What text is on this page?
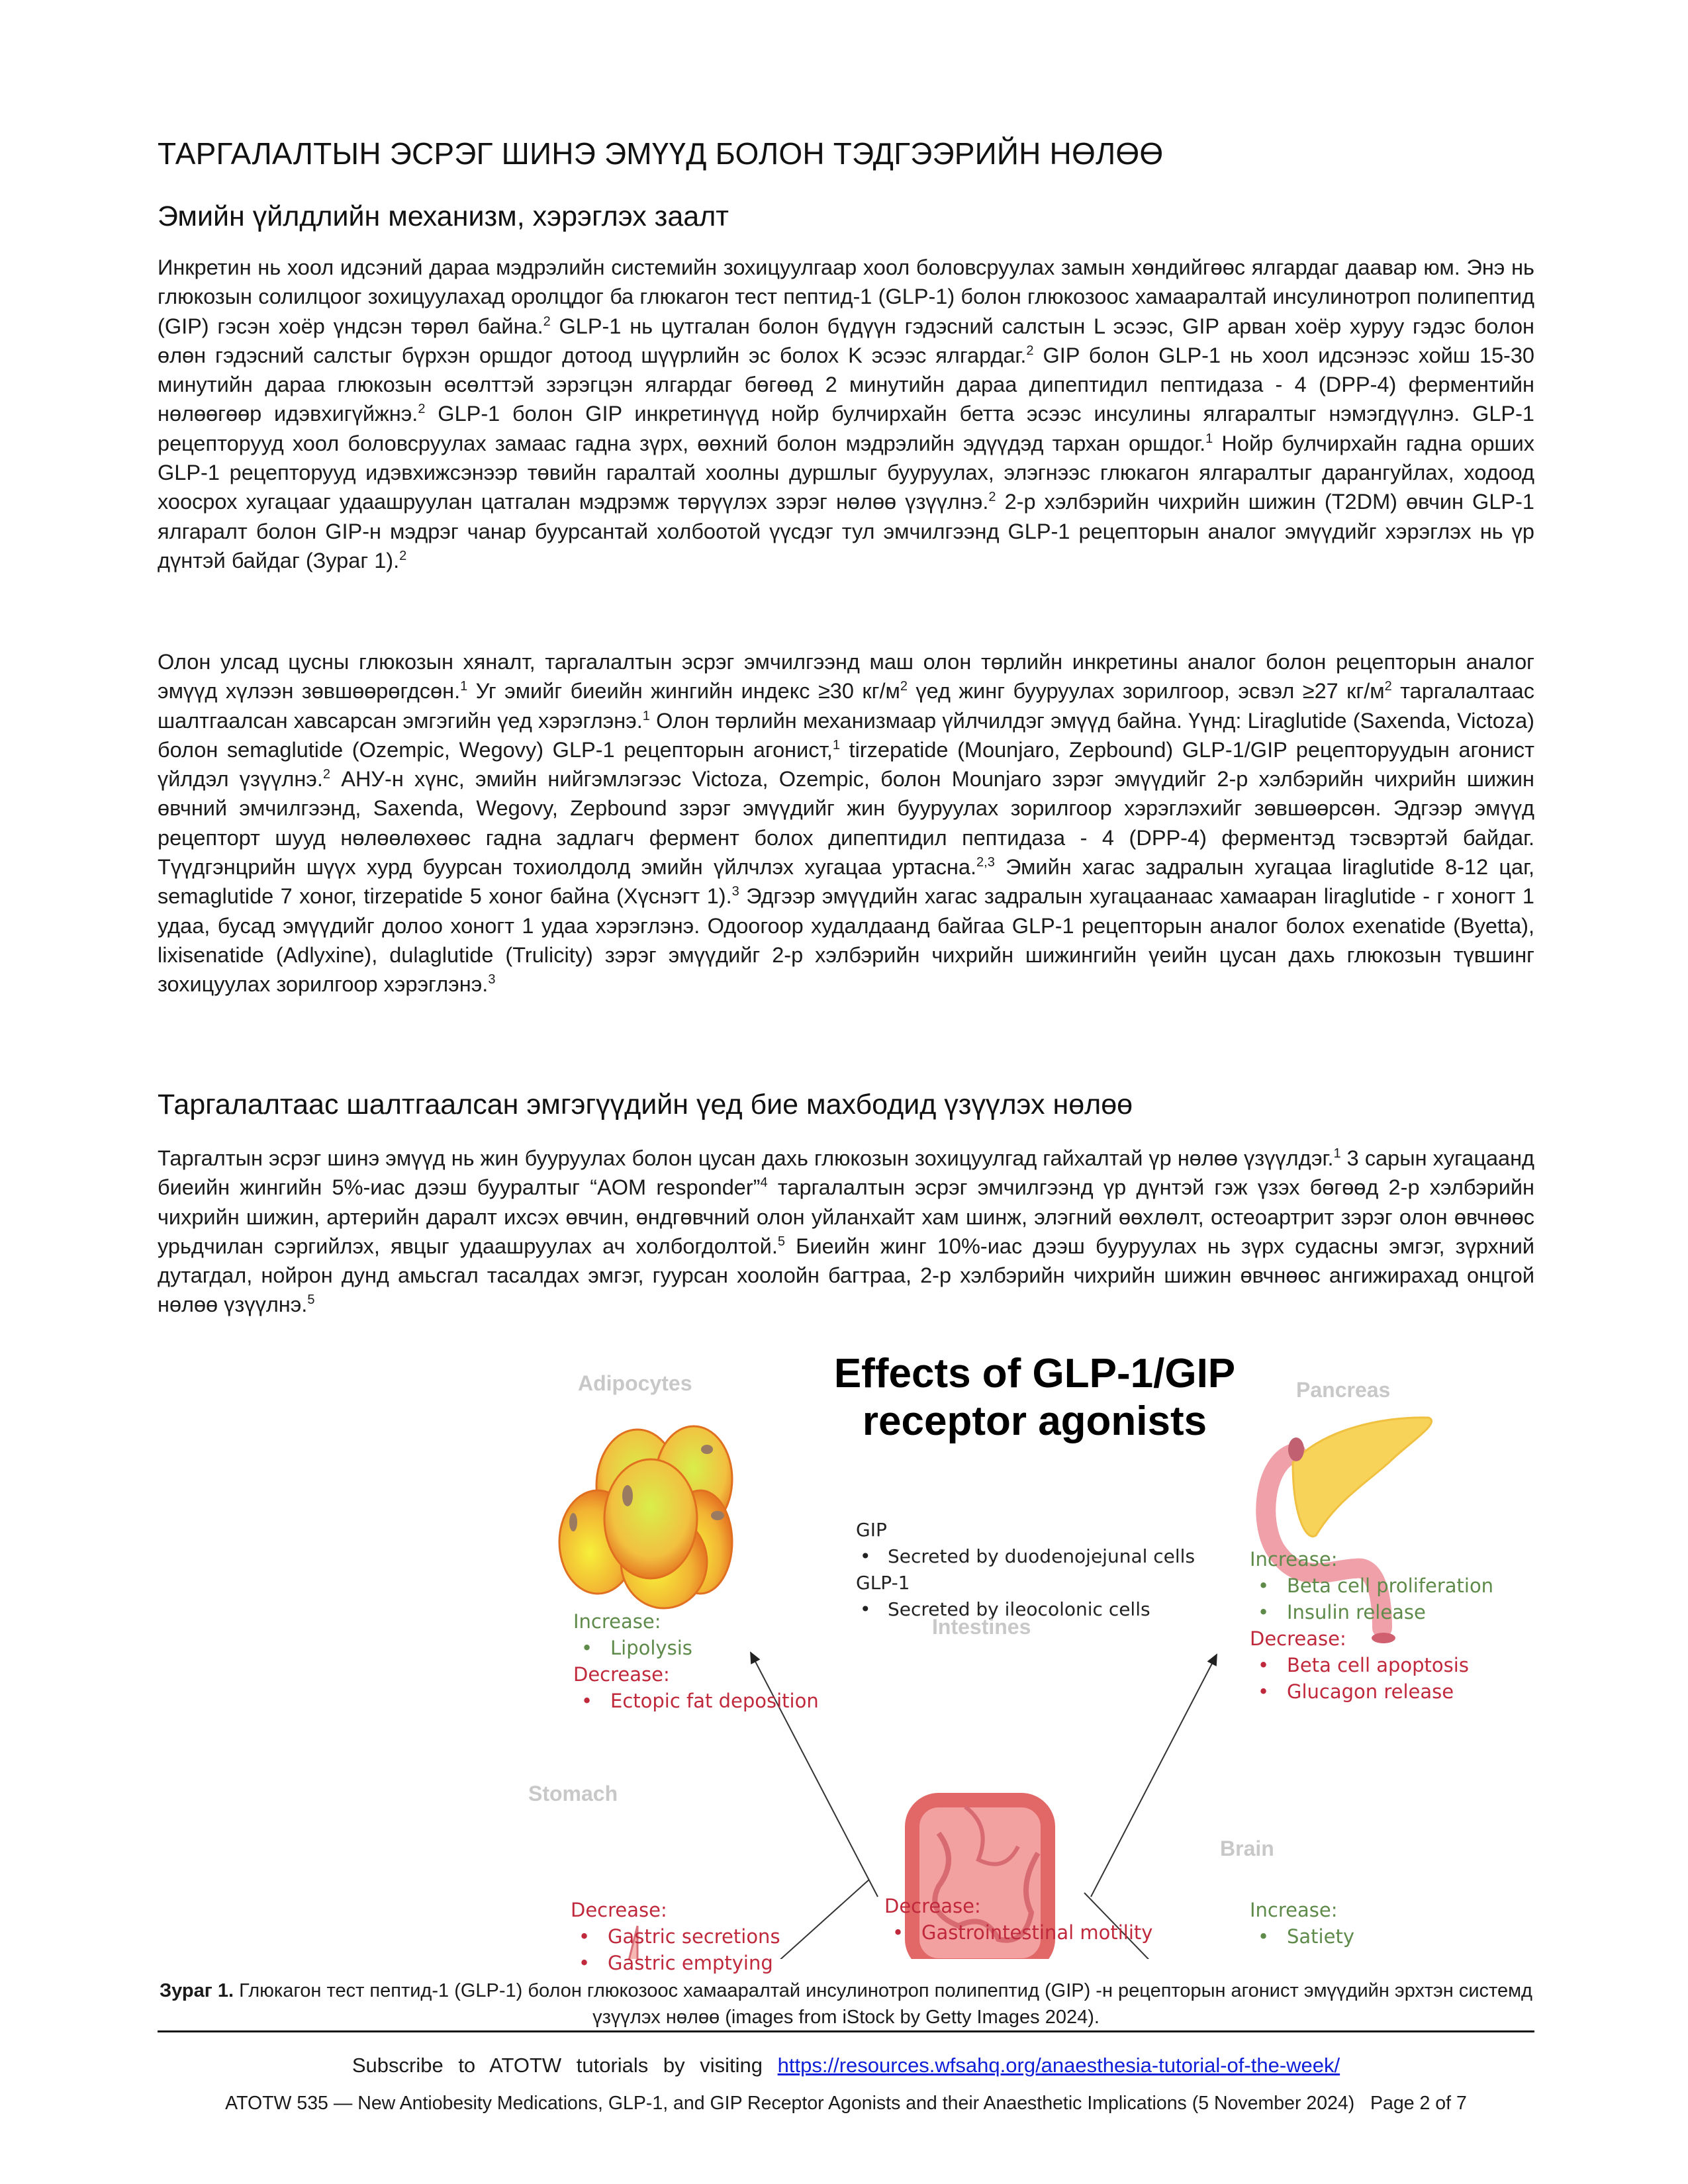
ТАРГАЛАЛТЫН ЭСРЭГ ШИНЭ ЭМҮҮД БОЛОН ТЭДГЭЭРИЙН НӨЛӨӨ
Эмийн үйлдлийн механизм, хэрэглэх заалт
Инкретин нь хоол идсэний дараа мэдрэлийн системийн зохицуулгаар хоол боловсруулах замын хөндийгөөс ялгардаг даавар юм. Энэ нь глюкозын солилцоог зохицуулахад оролцдог ба глюкагон тест пептид-1 (GLP-1) болон глюкозоос хамааралтай инсулинотроп полипептид (GIP) гэсэн хоёр үндсэн төрөл байна.$^2$ GLP-1 нь цутгалан болон бүдүүн гэдэсний салстын L эсээс, GIP арван хоёр хуруу гэдэс болон өлөн гэдэсний салстыг бүрхэн оршдог дотоод шүүрлийн эс болох K эсээс ялгардаг.$^2$ GIP болон GLP-1 нь хоол идсэнээс хойш 15-30 минутийн дараа глюкозын өсөлттэй зэрэгцэн ялгардаг бөгөөд 2 минутийн дараа дипептидил пептидаза - 4 (DPP-4) ферментийн нөлөөгөөр идэвхигүйжнэ.$^2$ GLP-1 болон GIP инкретинүүд нойр булчирхайн бетта эсээс инсулины ялгаралтыг нэмэгдүүлнэ. GLP-1 рецепторууд хоол боловсруулах замаас гадна зүрх, өөхний болон мэдрэлийн эдүүдэд тархан оршдог.$^1$ Нойр булчирхайн гадна орших GLP-1 рецепторууд идэвхижсэнээр төвийн гаралтай хоолны дуршлыг бууруулах, элэгнээс глюкагон ялгаралтыг дарангуйлах, ходоод хоосрох хугацааг удаашруулан цатгалан мэдрэмж төрүүлэх зэрэг нөлөө үзүүлнэ.$^2$ 2-р хэлбэрийн чихрийн шижин (T2DM) өвчин GLP-1 ялгаралт болон GIP-н мэдрэг чанар буурсантай холбоотой үүсдэг тул эмчилгээнд GLP-1 рецепторын аналог эмүүдийг хэрэглэх нь үр дүнтэй байдаг (Зураг 1).$^2$
Олон улсад цусны глюкозын хяналт, таргалалтын эсрэг эмчилгээнд маш олон төрлийн инкретины аналог болон рецепторын аналог эмүүд хүлээн зөвшөөрөгдсөн.$^1$ Уг эмийг биеийн жингийн индекс ≥30 $кг/м^2$ үед жинг бууруулах зорилгоор, эсвэл ≥27 $кг/м^2$ таргалалтаас шалтгаалсан хавсарсан эмгэгийн үед хэрэглэнэ.$^1$ Олон төрлийн механизмаар үйлчилдэг эмүүд байна. Үүнд: Liraglutide (Saxenda, Victoza) болон semaglutide (Ozempic, Wegovy) GLP-1 рецепторын агонист,$^1$ tirzepatide (Mounjaro, Zepbound) GLP-1/GIP рецепторуудын агонист үйлдэл үзүүлнэ.$^2$ АНУ-н хүнс, эмийн нийгэмлэгээс Victoza, Ozempic, болон Mounjaro зэрэг эмүүдийг 2-р хэлбэрийн чихрийн шижин өвчний эмчилгээнд, Saxenda, Wegovy, Zepbound зэрэг эмүүдийг жин бууруулах зорилгоор хэрэглэхийг зөвшөөрсөн. Эдгээр эмүүд рецепторт шууд нөлөөлөхөөс гадна задлагч фермент болох дипептидил пептидаза - 4 (DPP-4) ферментэд тэсвэртэй байдаг. Түүдгэнцрийн шүүх хурд буурсан тохиолдолд эмийн үйлчлэх хугацаа уртасна.$^{2,3}$ Эмийн хагас задралын хугацаа liraglutide 8-12 цаг, semaglutide 7 хоног, tirzepatide 5 хоног байна (Хүснэгт 1).$^3$ Эдгээр эмүүдийн хагас задралын хугацаанаас хамааран liraglutide - г хоногт 1 удаа, бусад эмүүдийг долоо хоногт 1 удаа хэрэглэнэ. Одоогоор худалдаанд байгаа GLP-1 рецепторын аналог болох exenatide (Byetta), lixisenatide (Adlyxine), dulaglutide (Trulicity) зэрэг эмүүдийг 2-р хэлбэрийн чихрийн шижингийн үеийн цусан дахь глюкозын түвшинг зохицуулах зорилгоор хэрэглэнэ.$^3$
Таргалалтаас шалтгаалсан эмгэгүүдийн үед бие махбодид үзүүлэх нөлөө
Таргалтын эсрэг шинэ эмүүд нь жин бууруулах болон цусан дахь глюкозын зохицуулгад гайхалтай үр нөлөө үзүүлдэг.$^1$ 3 сарын хугацаанд биеийн жингийн 5%-иас дээш бууралтыг “AOM responder”$^4$ таргалалтын эсрэг эмчилгээнд үр дүнтэй гэж үзэх бөгөөд 2-р хэлбэрийн чихрийн шижин, артерийн даралт ихсэх өвчин, өндгөвчний олон уйланхайт хам шинж, элэгний өөхлөлт, остеоартрит зэрэг олон өвчнөөс урьдчилан сэргийлэх, явцыг удаашруулах ач холбогдолтой.$^5$ Биеийн жинг 10%-иас дээш бууруулах нь зүрх судасны эмгэг, зүрхний дутагдал, нойрон дунд амьсгал тасалдах эмгэг, гуурсан хоолойн багтраа, 2-р хэлбэрийн чихрийн шижин өвчнөөс ангижирахад онцгой нөлөө үзүүлнэ.$^5$
Effects of GLP-1/GIP
receptor agonists
GIP
• Secreted by duodenojejunal cells
GLP-1
• Secreted by ileocolonic cells
Adipocytes
Increase:
• Lipolysis
Decrease:
• Ectopic fat deposition
Pancreas
Increase:
• Beta cell proliferation
• Insulin release
Decrease:
• Beta cell apoptosis
• Glucagon release
Intestines
Decrease:
• Gastrointestinal motility
Stomach
Decrease:
• Gastric secretions
• Gastric emptying
Brain
Increase:
• Satiety
Зураг 1. Глюкагон тест пептид-1 (GLP-1) болон глюкозоос хамааралтай инсулинотроп полипептид (GIP) -н рецепторын агонист эмүүдийн эрхтэн системд үзүүлэх нөлөө (images from iStock by Getty Images 2024).
Subscribe to ATOTW tutorials by visiting https://resources.wfsahq.org/anaesthesia-tutorial-of-the-week/
ATOTW 535 — New Antiobesity Medications, GLP-1, and GIP Receptor Agonists and their Anaesthetic Implications (5 November 2024) Page 2 of 7
